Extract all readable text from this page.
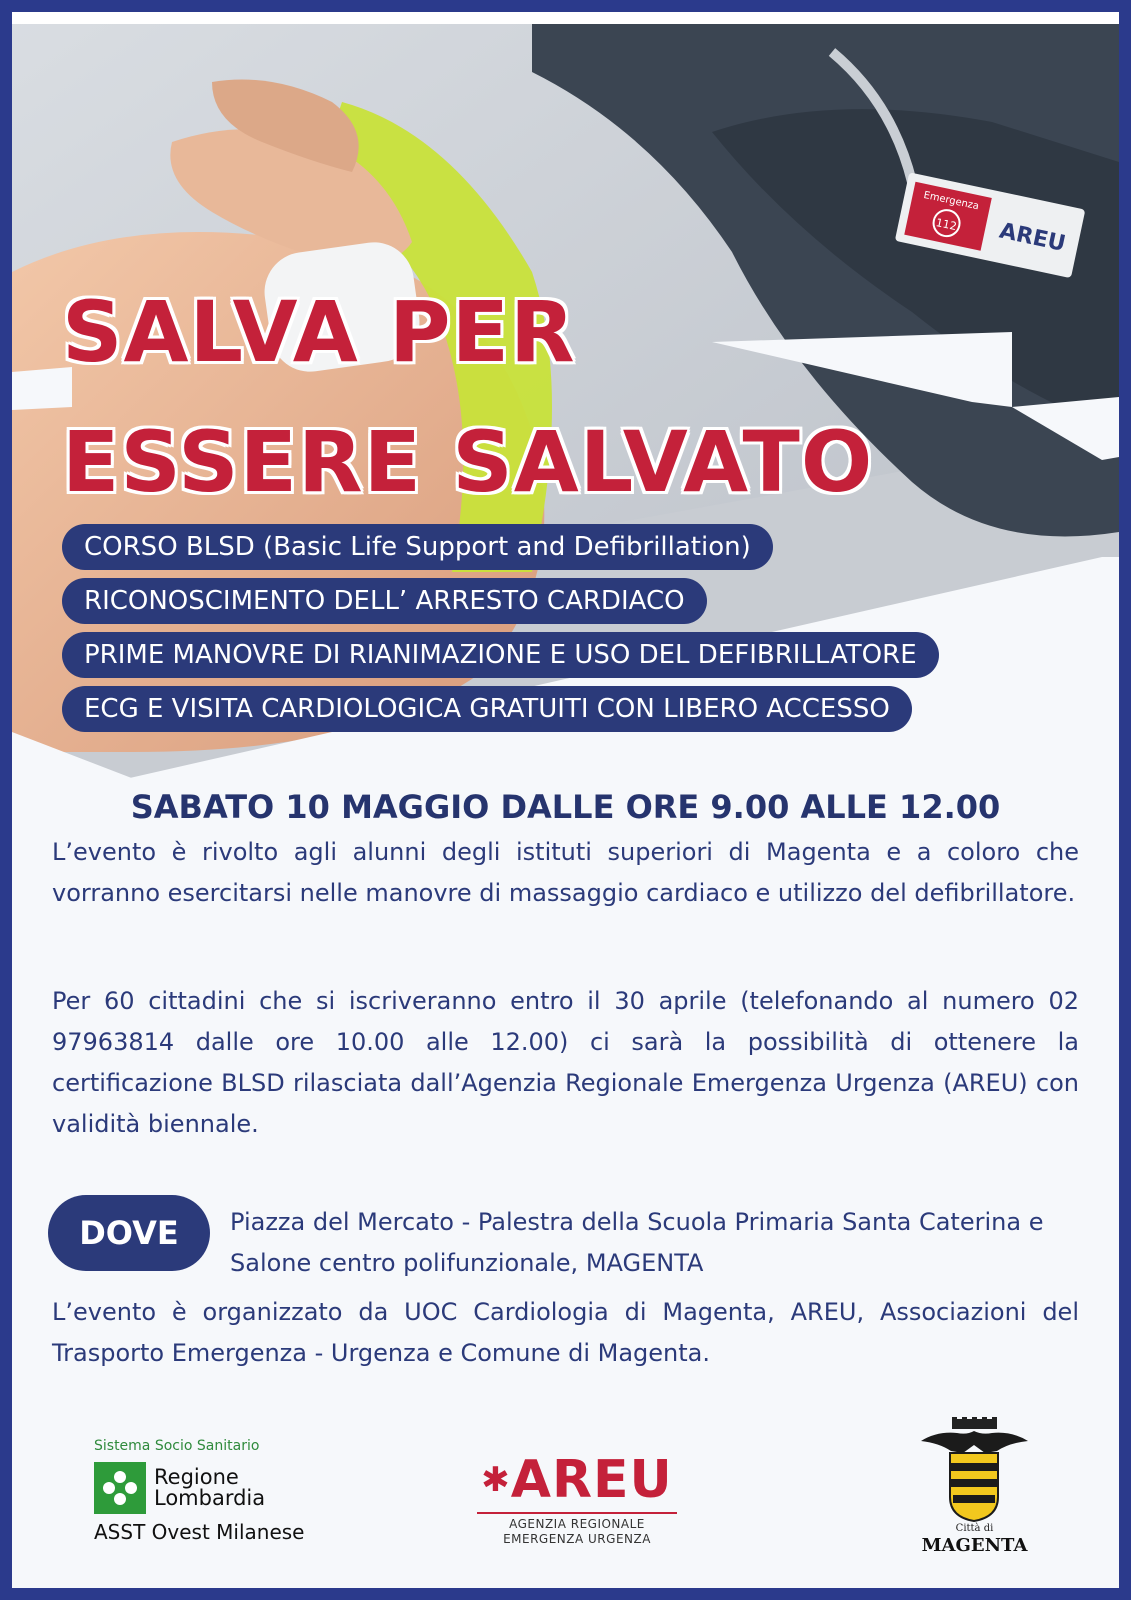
112
Emergenza
AREU
SALVA PER
ESSERE SALVATO
CORSO BLSD (Basic Life Support and Defibrillation)
RICONOSCIMENTO DELL’ ARRESTO CARDIACO
PRIME MANOVRE DI RIANIMAZIONE E USO DEL DEFIBRILLATORE
ECG E VISITA CARDIOLOGICA GRATUITI CON LIBERO ACCESSO
SABATO 10 MAGGIO DALLE ORE 9.00 ALLE 12.00

L’evento è rivolto agli alunni degli istituti superiori di Magenta e a coloro che vorranno esercitarsi nelle manovre di massaggio cardiaco e utilizzo del defibrillatore.

Per 60 cittadini che si iscriveranno entro il 30 aprile (telefonando al numero 02 97963814 dalle ore 10.00 alle 12.00) ci sarà la possibilità di ottenere la certificazione BLSD rilasciata dall’Agenzia Regionale Emergenza Urgenza (AREU) con validità biennale.

DOVE	Piazza del Mercato - Palestra della Scuola Primaria Santa Caterina e Salone centro polifunzionale, MAGENTA

L’evento è organizzato da UOC Cardiologia di Magenta, AREU, Associazioni del Trasporto Emergenza - Urgenza e Comune di Magenta.

Sistema Socio Sanitario
Regione
Lombardia
ASST Ovest Milanese
✱AREU
AGENZIA REGIONALE
EMERGENZA URGENZA
Città di
MAGENTA
